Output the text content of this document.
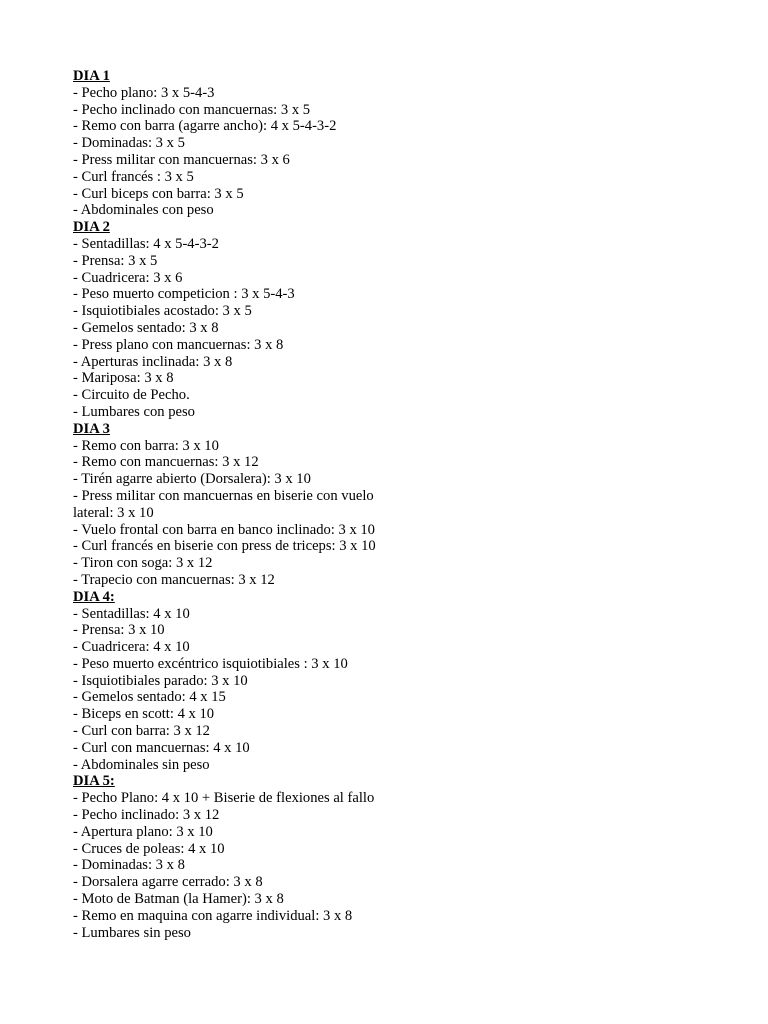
DIA 1
- Pecho plano: 3 x 5-4-3
- Pecho inclinado con mancuernas: 3 x 5
- Remo con barra (agarre ancho): 4 x 5-4-3-2
- Dominadas: 3 x 5
- Press militar con mancuernas: 3 x 6
- Curl francés : 3 x 5
- Curl biceps con barra: 3 x 5
- Abdominales con peso
DIA 2
- Sentadillas: 4 x 5-4-3-2
- Prensa: 3 x 5
- Cuadricera: 3 x 6
- Peso muerto competicion : 3 x 5-4-3
- Isquiotibiales acostado: 3 x 5
- Gemelos sentado: 3 x 8
- Press plano con mancuernas: 3 x 8
- Aperturas inclinada: 3 x 8
- Mariposa: 3 x 8
- Circuito de Pecho.
- Lumbares con peso
DIA 3
- Remo con barra: 3 x 10
- Remo con mancuernas: 3 x 12
- Tirén agarre abierto (Dorsalera): 3 x 10
- Press militar con mancuernas en biserie con vuelo
lateral: 3 x 10
- Vuelo frontal con barra en banco inclinado: 3 x 10
- Curl francés en biserie con press de triceps: 3 x 10
- Tiron con soga: 3 x 12
- Trapecio con mancuernas: 3 x 12
DIA 4:
- Sentadillas: 4 x 10
- Prensa: 3 x 10
- Cuadricera: 4 x 10
- Peso muerto excéntrico isquiotibiales : 3 x 10
- Isquiotibiales parado: 3 x 10
- Gemelos sentado: 4 x 15
- Biceps en scott: 4 x 10
- Curl con barra: 3 x 12
- Curl con mancuernas: 4 x 10
- Abdominales sin peso
DIA 5:
- Pecho Plano: 4 x 10 + Biserie de flexiones al fallo
- Pecho inclinado: 3 x 12
- Apertura plano: 3 x 10
- Cruces de poleas: 4 x 10
- Dominadas: 3 x 8
- Dorsalera agarre cerrado: 3 x 8
- Moto de Batman (la Hamer): 3 x 8
- Remo en maquina con agarre individual: 3 x 8
- Lumbares sin peso
